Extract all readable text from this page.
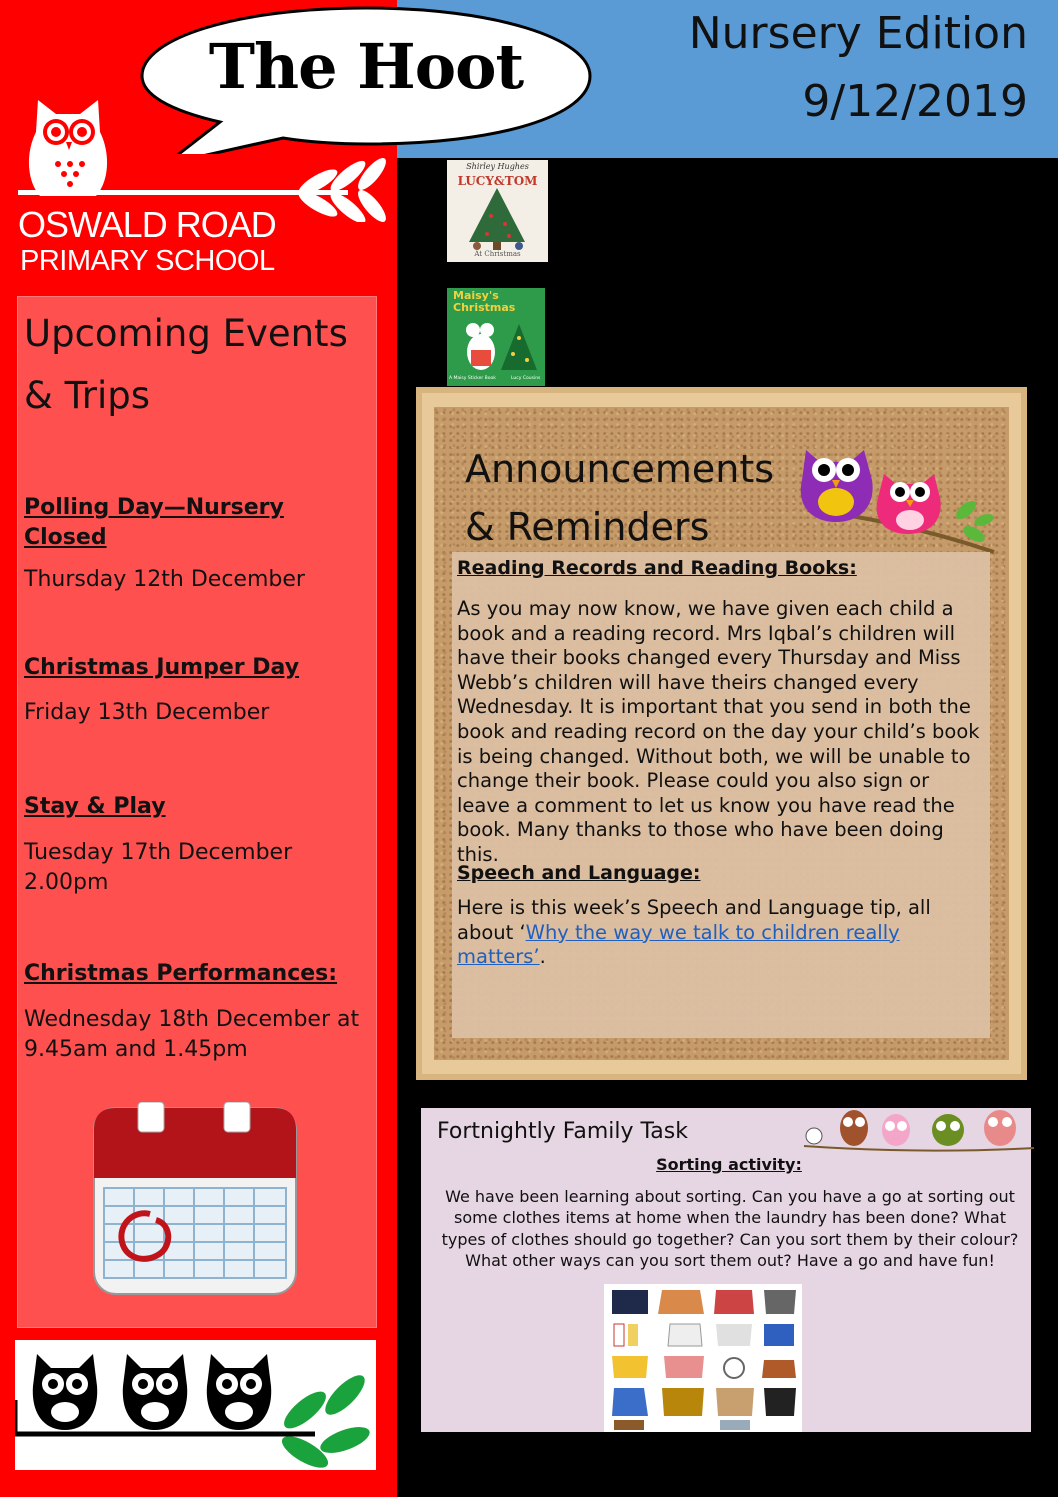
Nursery Edition
9/12/2019
The Hoot
OSWALD ROAD
PRIMARY SCHOOL
Upcoming Events & Trips
Polling Day—Nursery Closed
Thursday 12th December
Christmas Jumper Day
Friday 13th December
Stay & Play
Tuesday 17th December 2.00pm
Christmas Performances:
Wednesday 18th December at 9.45am and 1.45pm
Shirley Hughes
LUCY&TOM
At Christmas
Maisy's Christmas
A Maisy Sticker Book	Lucy Cousins
Announcements & Reminders
Reading Records and Reading Books:
As you may now know, we have given each child a book and a reading record. Mrs Iqbal’s children will have their books changed every Thursday and Miss Webb’s children will have theirs changed every Wednesday. It is important that you send in both the book and reading record on the day your child’s book is being changed. Without both, we will be unable to change their book. Please could you also sign or leave a comment to let us know you have read the book. Many thanks to those who have been doing this.
Speech and Language:
Here is this week’s Speech and Language tip, all about ‘Why the way we talk to children really matters’.
Fortnightly Family Task
Sorting activity:
We have been learning about sorting. Can you have a go at sorting out some clothes items at home when the laundry has been done? What types of clothes should go together? Can you sort them by their colour? What other ways can you sort them out? Have a go and have fun!
